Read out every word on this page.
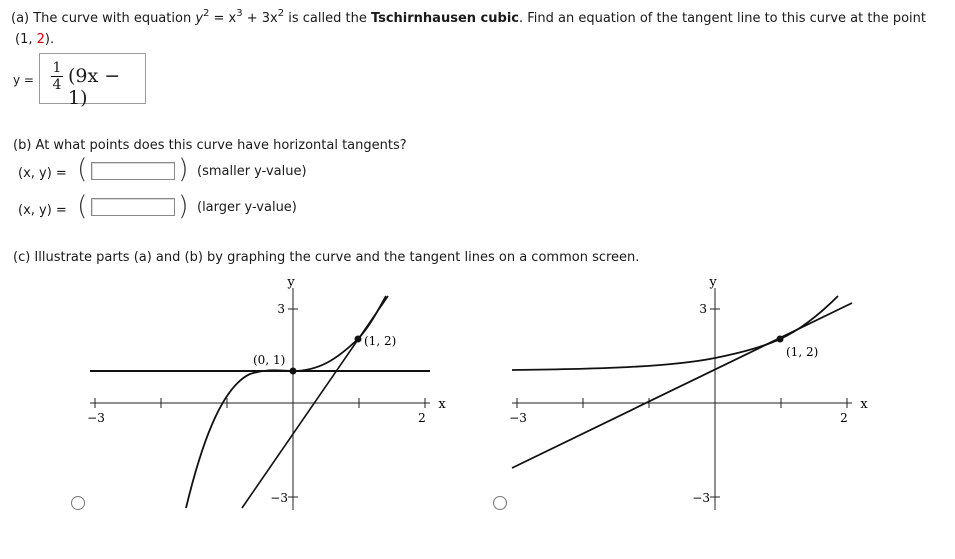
(a) The curve with equation $y^2 = x^3 + 3x^2$ is called the Tschirnhausen cubic. Find an equation of the tangent line to this curve at the point
(1, 2).
y =
1
4 (9x − 1)
(b) At what points does this curve have horizontal tangents?
(x, y) = (	) (smaller y-value)
(x, y) = (	) (larger y-value)
(c) Illustrate parts (a) and (b) by graphing the curve and the tangent lines on a common screen.
−3	2
3
−3
y
x
(0, 1)
(1, 2)
−3	2
3
−3
y
x
(1, 2)
